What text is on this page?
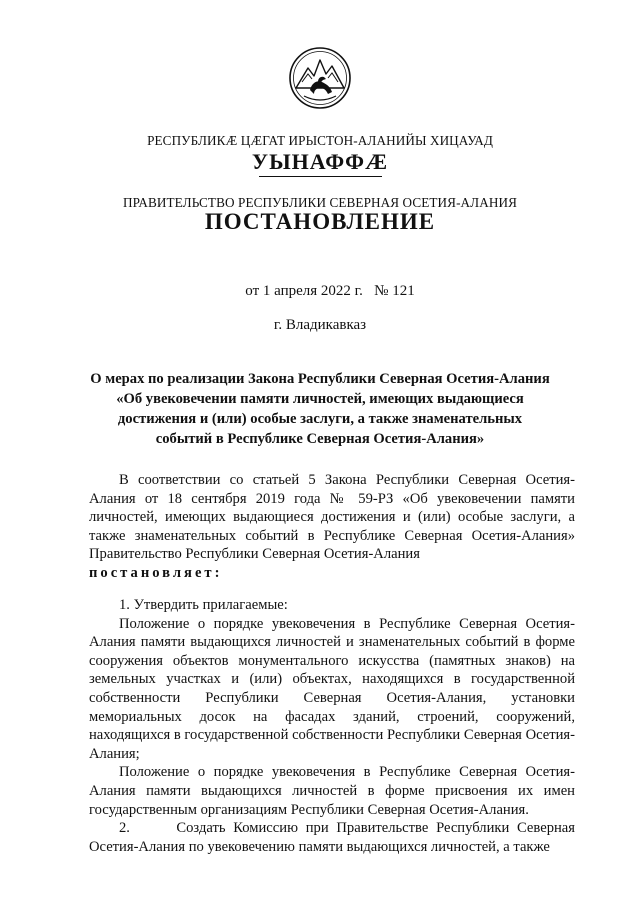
РЕСПУБЛИКӔ ЦӔГАТ ИРЫСТОН-АЛАНИЙЫ ХИЦАУАД
УЫНАФФӔ
ПРАВИТЕЛЬСТВО РЕСПУБЛИКИ СЕВЕРНАЯ ОСЕТИЯ-АЛАНИЯ
ПОСТАНОВЛЕНИЕ
от 1 апреля 2022 г.   № 121
г. Владикавказ
О мерах по реализации Закона Республики Северная Осетия-Алания
«Об увековечении памяти личностей, имеющих выдающиеся
достижения и (или) особые заслуги, а также знаменательных
событий в Республике Северная Осетия-Алания»

В соответствии со статьей 5 Закона Республики Северная Осетия-Алания от 18 сентября 2019 года № 59-РЗ «Об увековечении памяти личностей, имеющих выдающиеся достижения и (или) особые заслуги, а также знаменательных событий в Республике Северная Осетия-Алания» Правительство Республики Северная Осетия-Алания

постановляет:

1. Утвердить прилагаемые:

Положение о порядке увековечения в Республике Северная Осетия-Алания памяти выдающихся личностей и знаменательных событий в форме сооружения объектов монументального искусства (памятных знаков) на земельных участках и (или) объектах, находящихся в государственной собственности Республики Северная Осетия-Алания, установки мемориальных досок на фасадах зданий, строений, сооружений, находящихся в государственной собственности Республики Северная Осетия-Алания;

Положение о порядке увековечения в Республике Северная Осетия-Алания памяти выдающихся личностей в форме присвоения их имен государственным организациям Республики Северная Осетия-Алания.

2.	Создать Комиссию при Правительстве Республики Северная Осетия-Алания по увековечению памяти выдающихся личностей, а также
